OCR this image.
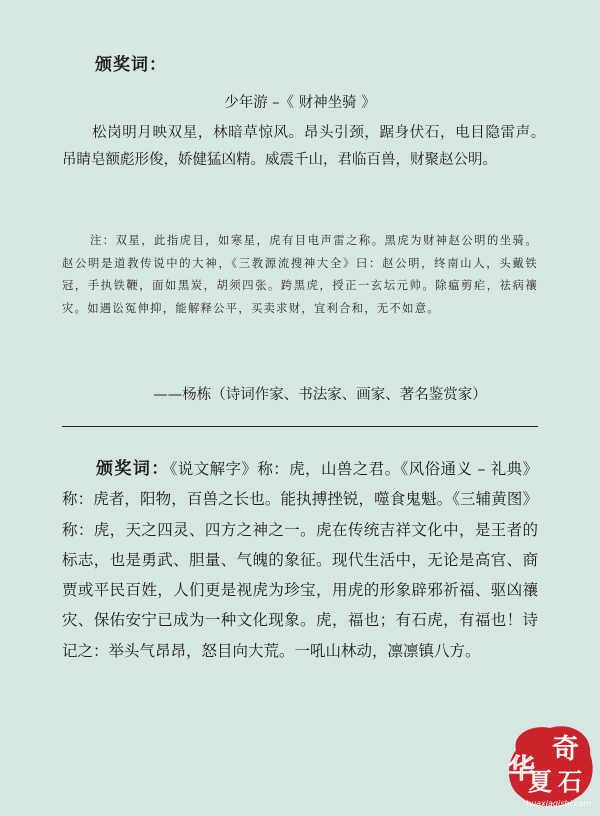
颁奖词：
少年游 –《 财神坐骑 》
松岗明月映双星，林暗草惊风。昂头引颈，踞身伏石，电目隐雷声。　　吊睛皂额彪形俊，娇健猛凶精。威震千山，君临百兽，财聚赵公明。
注：双星，此指虎目，如寒星，虎有目电声雷之称。黑虎为财神赵公明的坐骑。赵公明是道教传说中的大神，《三教源流搜神大全》曰：赵公明，终南山人，头戴铁冠，手执铁鞭，面如黑炭，胡须四张。跨黑虎，授正一玄坛元帅。除瘟剪疟，祛病禳灾。如遇讼冤伸抑，能解释公平，买卖求财，宜利合和，无不如意。
——杨栋（诗词作家、书法家、画家、著名鉴赏家）
颁奖词：《说文解字》称：虎，山兽之君。《风俗通义 – 礼典》称：虎者，阳物，百兽之长也。能执搏挫锐，噬食鬼魁。《三辅黄图》称：虎，天之四灵、四方之神之一。虎在传统吉祥文化中，是王者的标志，也是勇武、胆量、气魄的象征。现代生活中，无论是高官、商贾或平民百姓，人们更是视虎为珍宝，用虎的形象辟邪祈福、驱凶禳灾、保佑安宁已成为一种文化现象。虎，福也；有石虎，有福也！诗记之：举头气昂昂，怒目向大荒。一吼山林动，凛凛镇八方。
华
奇
夏 石
huaxiaqishi.com
